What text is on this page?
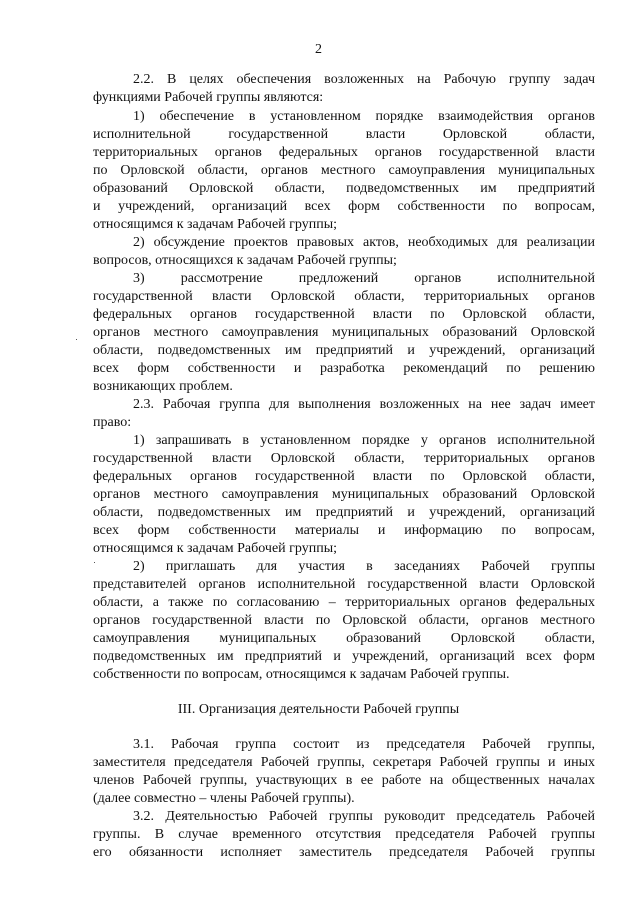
2
2.2. В целях обеспечения возложенных на Рабочую группу задач
функциями Рабочей группы являются:
1) обеспечение в установленном порядке взаимодействия органов
исполнительной государственной власти Орловской области,
территориальных органов федеральных органов государственной власти
по Орловской области, органов местного самоуправления муниципальных
образований Орловской области, подведомственных им предприятий
и учреждений, организаций всех форм собственности по вопросам,
относящимся к задачам Рабочей группы;
2) обсуждение проектов правовых актов, необходимых для реализации
вопросов, относящихся к задачам Рабочей группы;
3) рассмотрение предложений органов исполнительной
государственной власти Орловской области, территориальных органов
федеральных органов государственной власти по Орловской области,
органов местного самоуправления муниципальных образований Орловской
области, подведомственных им предприятий и учреждений, организаций
всех форм собственности и разработка рекомендаций по решению
возникающих проблем.
2.3. Рабочая группа для выполнения возложенных на нее задач имеет
право:
1) запрашивать в установленном порядке у органов исполнительной
государственной власти Орловской области, территориальных органов
федеральных органов государственной власти по Орловской области,
органов местного самоуправления муниципальных образований Орловской
области, подведомственных им предприятий и учреждений, организаций
всех форм собственности материалы и информацию по вопросам,
относящимся к задачам Рабочей группы;
2) приглашать для участия в заседаниях Рабочей группы
представителей органов исполнительной государственной власти Орловской
области, а также по согласованию – территориальных органов федеральных
органов государственной власти по Орловской области, органов местного
самоуправления муниципальных образований Орловской области,
подведомственных им предприятий и учреждений, организаций всех форм
собственности по вопросам, относящимся к задачам Рабочей группы.
III. Организация деятельности Рабочей группы
3.1. Рабочая группа состоит из председателя Рабочей группы,
заместителя председателя Рабочей группы, секретаря Рабочей группы и иных
членов Рабочей группы, участвующих в ее работе на общественных началах
(далее совместно – члены Рабочей группы).
3.2. Деятельностью Рабочей группы руководит председатель Рабочей
группы. В случае временного отсутствия председателя Рабочей группы
его обязанности исполняет заместитель председателя Рабочей группы
